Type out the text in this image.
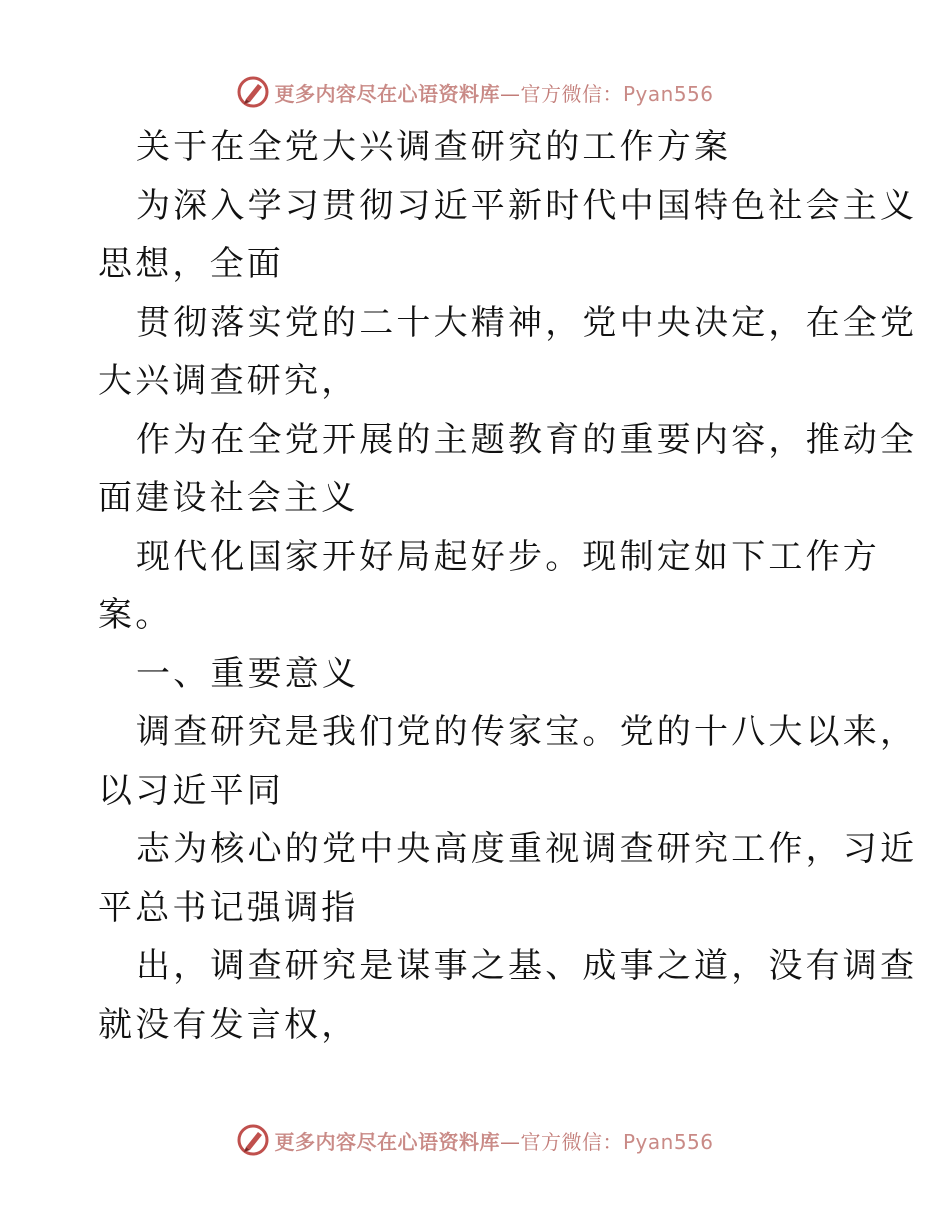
更多内容尽在心语资料库—官方微信：Pyan556
关于在全党大兴调查研究的工作方案
为深入学习贯彻习近平新时代中国特色社会主义
思想，全面
贯彻落实党的二十大精神，党中央决定，在全党
大兴调查研究，
作为在全党开展的主题教育的重要内容，推动全
面建设社会主义
现代化国家开好局起好步。现制定如下工作方
案。
一、重要意义
调查研究是我们党的传家宝。党的十八大以来，
以习近平同
志为核心的党中央高度重视调查研究工作，习近
平总书记强调指
出，调查研究是谋事之基、成事之道，没有调查
就没有发言权，
更多内容尽在心语资料库—官方微信：Pyan556
